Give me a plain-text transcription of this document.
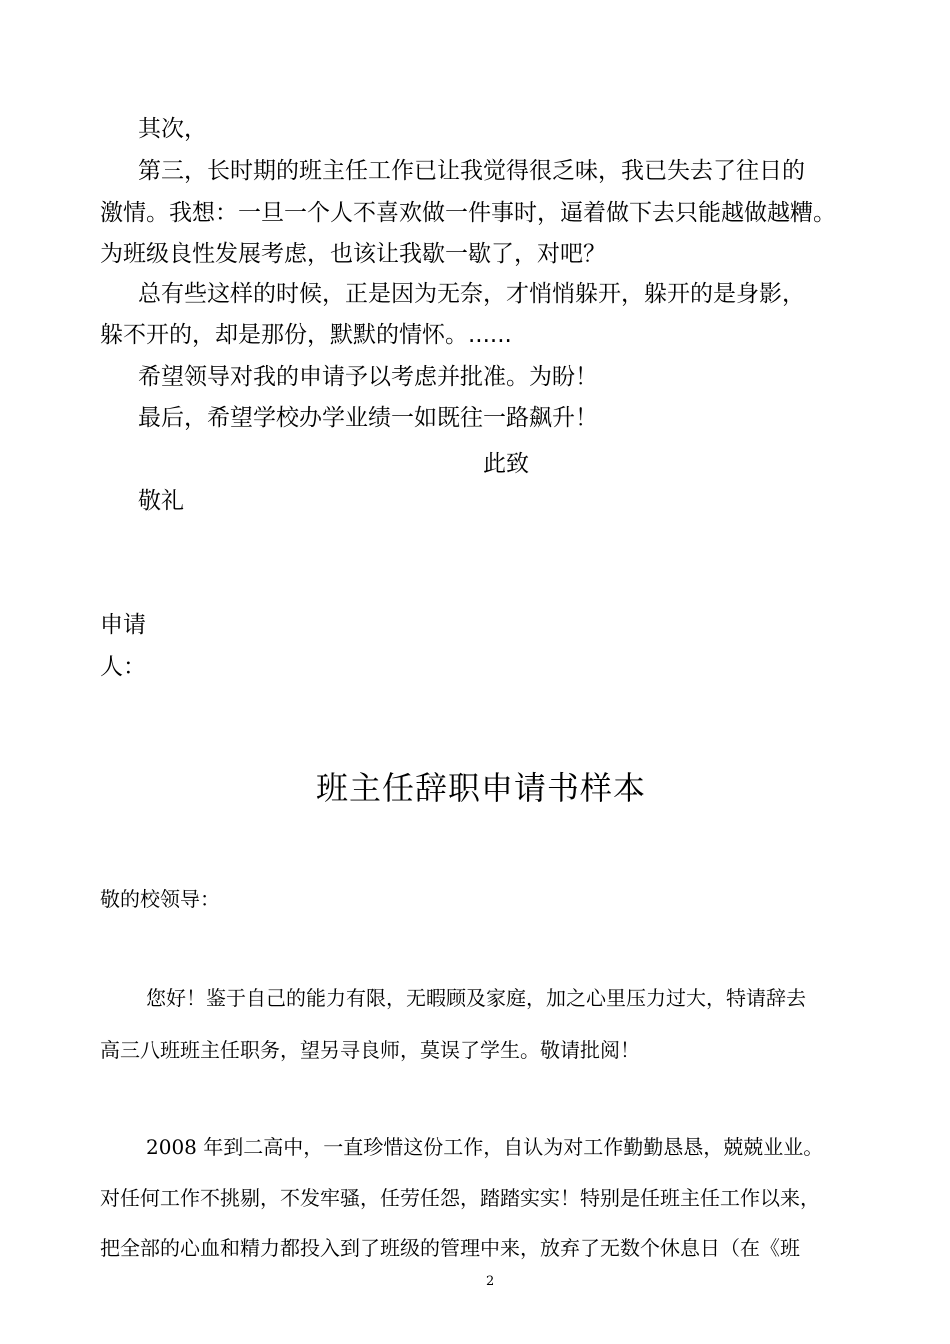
其次，
第三，长时期的班主任工作已让我觉得很乏味，我已失去了往日的
激情。我想：一旦一个人不喜欢做一件事时，逼着做下去只能越做越糟。
为班级良性发展考虑，也该让我歇一歇了，对吧？
总有些这样的时候，正是因为无奈，才悄悄躲开，躲开的是身影，
躲不开的，却是那份，默默的情怀。......
希望领导对我的申请予以考虑并批准。为盼！
最后，希望学校办学业绩一如既往一路飙升！
此致
敬礼
申请
人：
班主任辞职申请书样本
敬的校领导：
您好！鉴于自己的能力有限，无暇顾及家庭，加之心里压力过大，特请辞去
高三八班班主任职务，望另寻良师，莫误了学生。敬请批阅！
2008 年到二高中，一直珍惜这份工作，自认为对工作勤勤恳恳，兢兢业业。
对任何工作不挑剔，不发牢骚，任劳任怨，踏踏实实！特别是任班主任工作以来，
把全部的心血和精力都投入到了班级的管理中来，放弃了无数个休息日（在《班
2
